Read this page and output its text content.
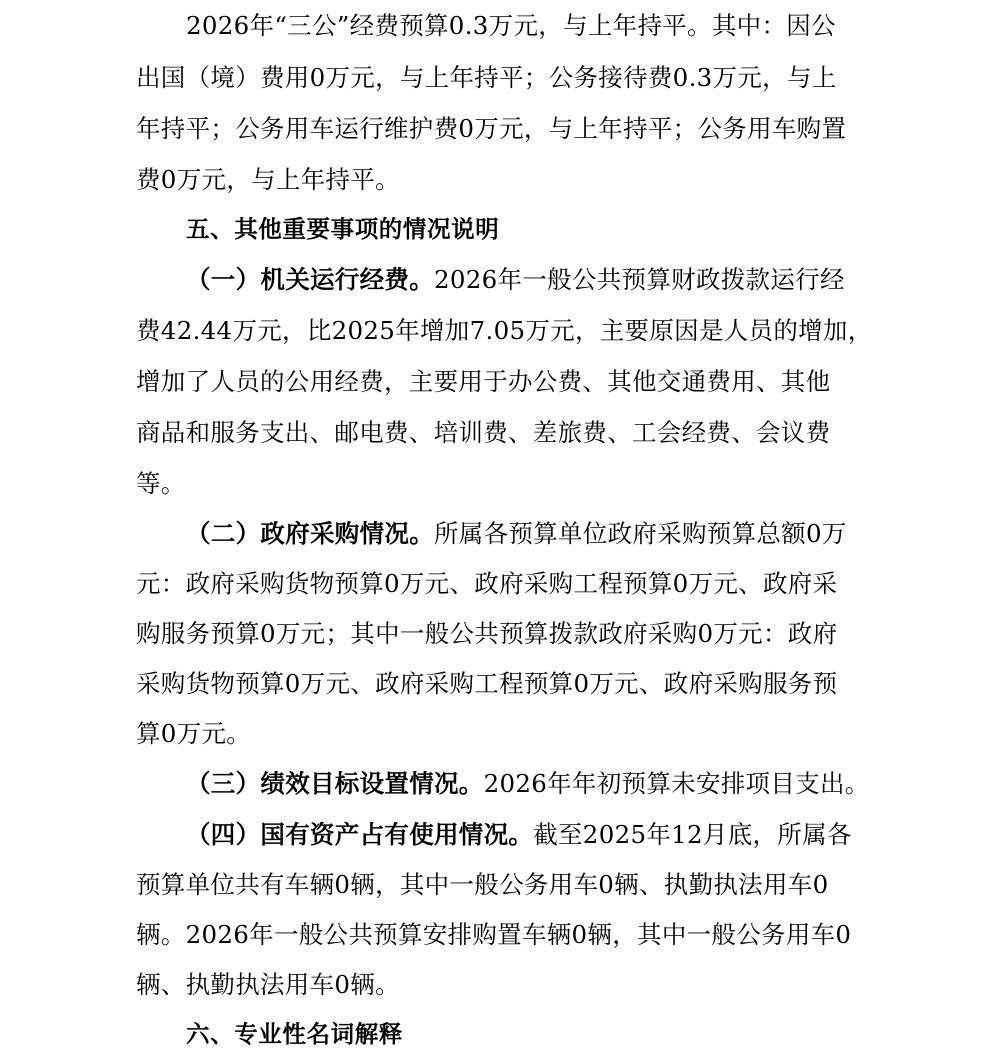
2026年“三公”经费预算0.3万元，与上年持平。其中：因公

出国（境）费用0万元，与上年持平；公务接待费0.3万元，与上

年持平；公务用车运行维护费0万元，与上年持平；公务用车购置

费0万元，与上年持平。

五、其他重要事项的情况说明

（一）机关运行经费。2026年一般公共预算财政拨款运行经

费42.44万元，比2025年增加7.05万元，主要原因是人员的增加，

增加了人员的公用经费，主要用于办公费、其他交通费用、其他

商品和服务支出、邮电费、培训费、差旅费、工会经费、会议费

等。

（二）政府采购情况。所属各预算单位政府采购预算总额0万

元：政府采购货物预算0万元、政府采购工程预算0万元、政府采

购服务预算0万元；其中一般公共预算拨款政府采购0万元：政府

采购货物预算0万元、政府采购工程预算0万元、政府采购服务预

算0万元。

（三）绩效目标设置情况。2026年年初预算未安排项目支出。

（四）国有资产占有使用情况。截至2025年12月底，所属各

预算单位共有车辆0辆，其中一般公务用车0辆、执勤执法用车0

辆。2026年一般公共预算安排购置车辆0辆，其中一般公务用车0

辆、执勤执法用车0辆。

六、专业性名词解释
